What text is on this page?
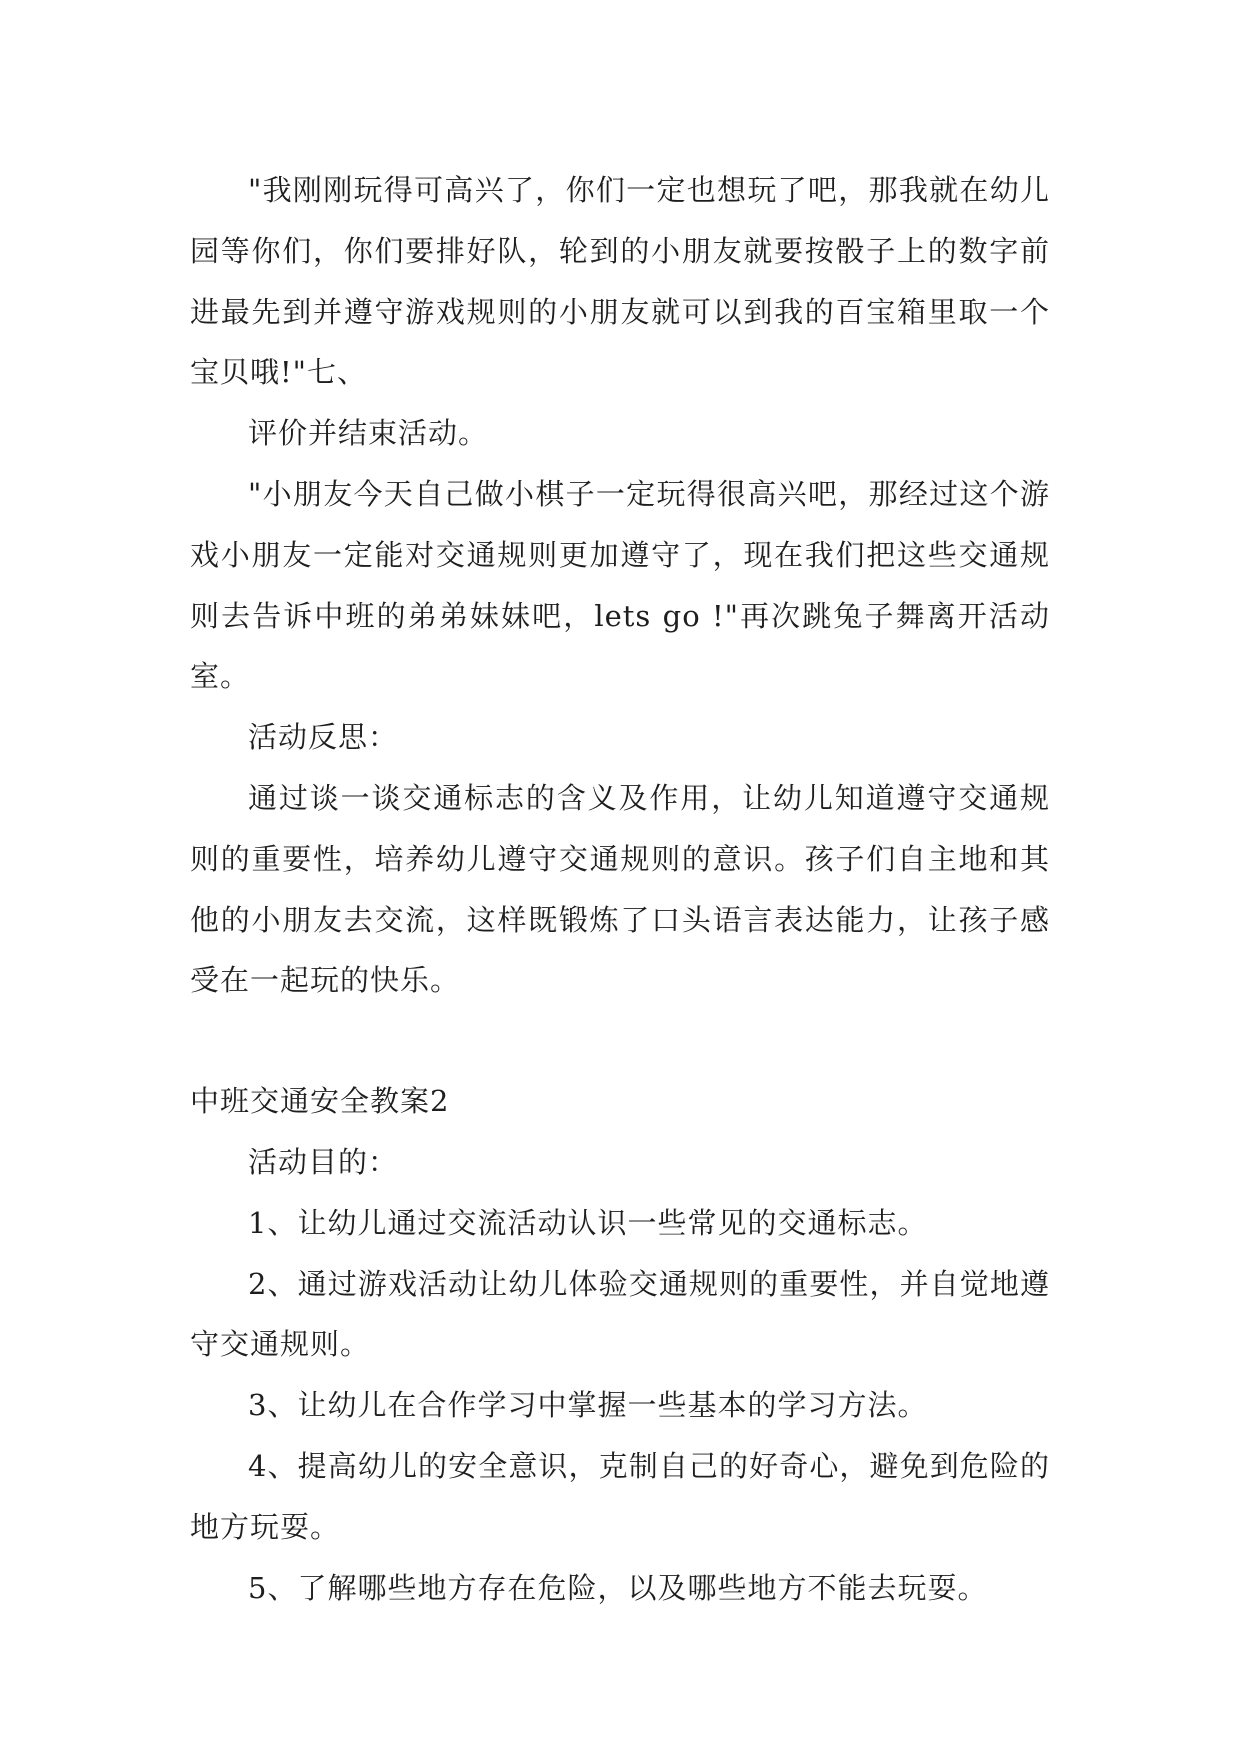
"我刚刚玩得可高兴了，你们一定也想玩了吧，那我就在幼儿园等你们，你们要排好队，轮到的小朋友就要按骰子上的数字前进最先到并遵守游戏规则的小朋友就可以到我的百宝箱里取一个宝贝哦!"七、

评价并结束活动。

"小朋友今天自己做小棋子一定玩得很高兴吧，那经过这个游戏小朋友一定能对交通规则更加遵守了，现在我们把这些交通规则去告诉中班的弟弟妹妹吧，lets go !"再次跳兔子舞离开活动室。

活动反思：

通过谈一谈交通标志的含义及作用，让幼儿知道遵守交通规则的重要性，培养幼儿遵守交通规则的意识。孩子们自主地和其他的小朋友去交流，这样既锻炼了口头语言表达能力，让孩子感受在一起玩的快乐。

中班交通安全教案2

活动目的：

1、让幼儿通过交流活动认识一些常见的交通标志。

2、通过游戏活动让幼儿体验交通规则的重要性，并自觉地遵守交通规则。

3、让幼儿在合作学习中掌握一些基本的学习方法。

4、提高幼儿的安全意识，克制自己的好奇心，避免到危险的地方玩耍。

5、了解哪些地方存在危险，以及哪些地方不能去玩耍。
